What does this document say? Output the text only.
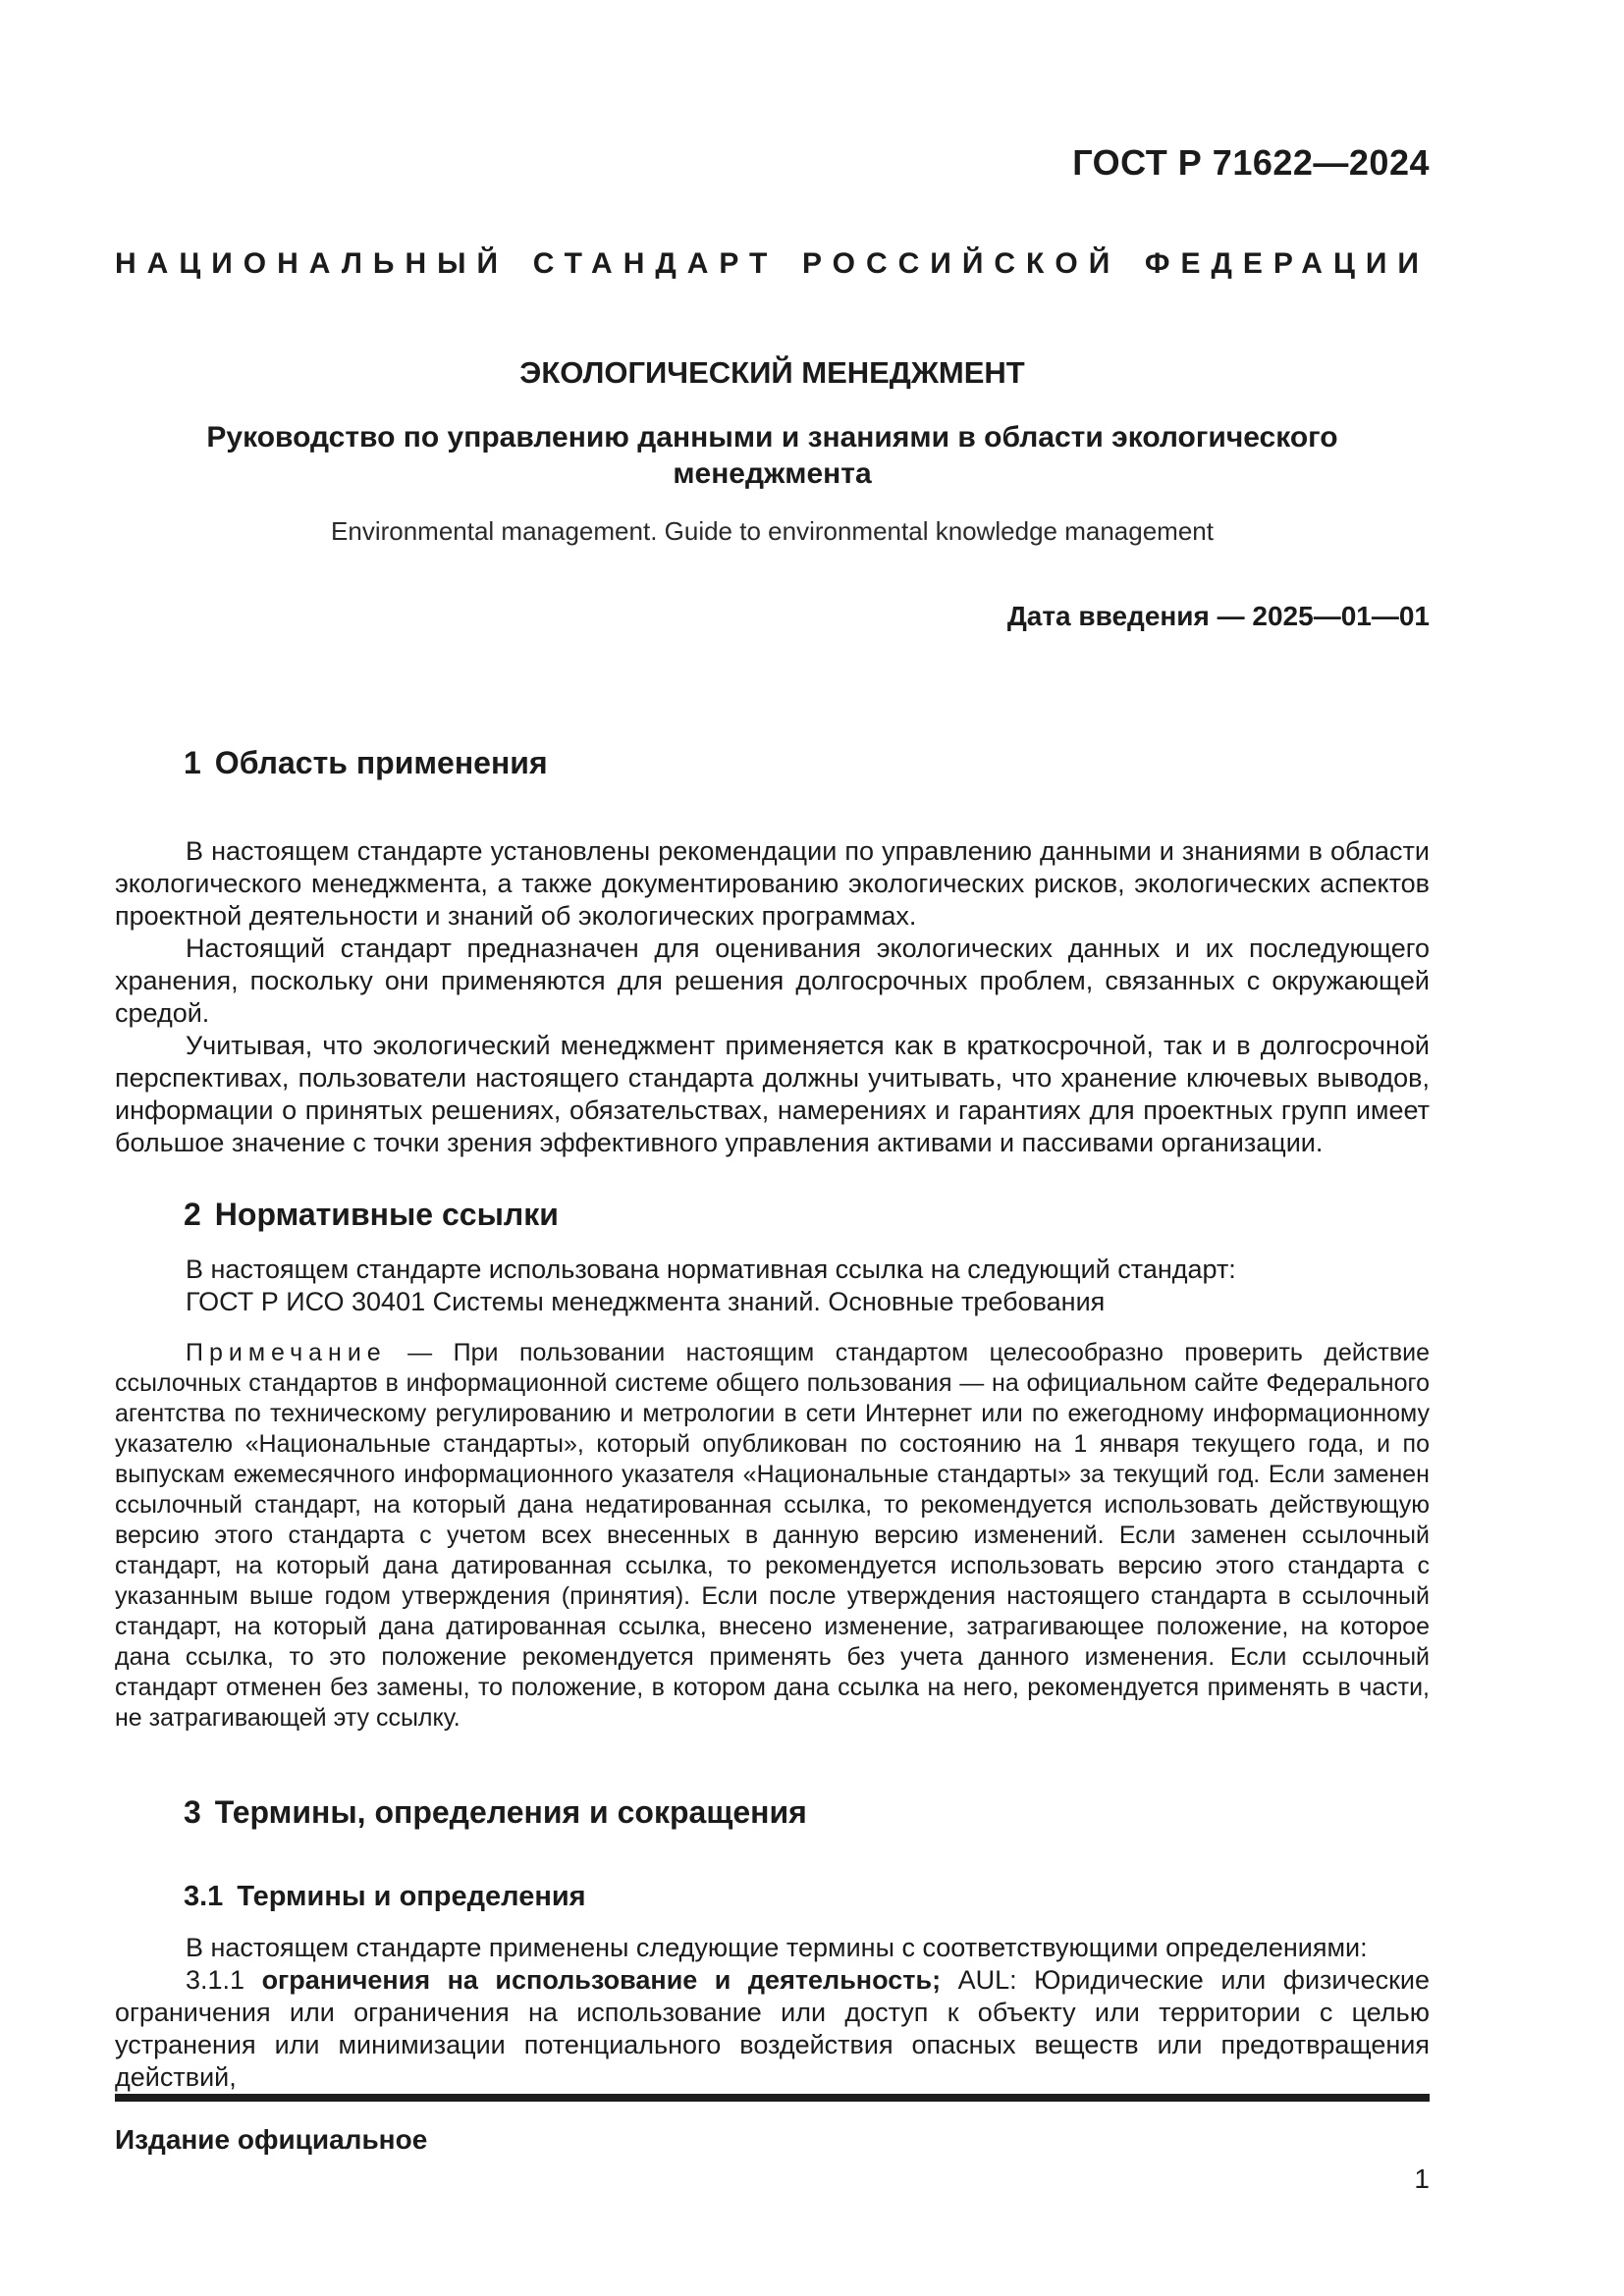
ГОСТ Р 71622—2024
НАЦИОНАЛЬНЫЙ СТАНДАРТ РОССИЙСКОЙ ФЕДЕРАЦИИ
ЭКОЛОГИЧЕСКИЙ МЕНЕДЖМЕНТ
Руководство по управлению данными и знаниями в области экологического менеджмента
Environmental management. Guide to environmental knowledge management
Дата введения — 2025—01—01
1 Область применения

В настоящем стандарте установлены рекомендации по управлению данными и знаниями в области экологического менеджмента, а также документированию экологических рисков, экологических аспектов проектной деятельности и знаний об экологических программах.

Настоящий стандарт предназначен для оценивания экологических данных и их последующего хранения, поскольку они применяются для решения долгосрочных проблем, связанных с окружающей средой.

Учитывая, что экологический менеджмент применяется как в краткосрочной, так и в долгосрочной перспективах, пользователи настоящего стандарта должны учитывать, что хранение ключевых выводов, информации о принятых решениях, обязательствах, намерениях и гарантиях для проектных групп имеет большое значение с точки зрения эффективного управления активами и пассивами организации.

2 Нормативные ссылки

В настоящем стандарте использована нормативная ссылка на следующий стандарт:

ГОСТ Р ИСО 30401 Системы менеджмента знаний. Основные требования

Примечание — При пользовании настоящим стандартом целесообразно проверить действие ссылочных стандартов в информационной системе общего пользования — на официальном сайте Федерального агентства по техническому регулированию и метрологии в сети Интернет или по ежегодному информационному указателю «Национальные стандарты», который опубликован по состоянию на 1 января текущего года, и по выпускам ежемесячного информационного указателя «Национальные стандарты» за текущий год. Если заменен ссылочный стандарт, на который дана недатированная ссылка, то рекомендуется использовать действующую версию этого стандарта с учетом всех внесенных в данную версию изменений. Если заменен ссылочный стандарт, на который дана датированная ссылка, то рекомендуется использовать версию этого стандарта с указанным выше годом утверждения (принятия). Если после утверждения настоящего стандарта в ссылочный стандарт, на который дана датированная ссылка, внесено изменение, затрагивающее положение, на которое дана ссылка, то это положение рекомендуется применять без учета данного изменения. Если ссылочный стандарт отменен без замены, то положение, в котором дана ссылка на него, рекомендуется применять в части, не затрагивающей эту ссылку.

3 Термины, определения и сокращения
3.1 Термины и определения

В настоящем стандарте применены следующие термины с соответствующими определениями:

3.1.1 ограничения на использование и деятельность; AUL: Юридические или физические ограничения или ограничения на использование или доступ к объекту или территории с целью устранения или минимизации потенциального воздействия опасных веществ или предотвращения действий,

Издание официальное
1
